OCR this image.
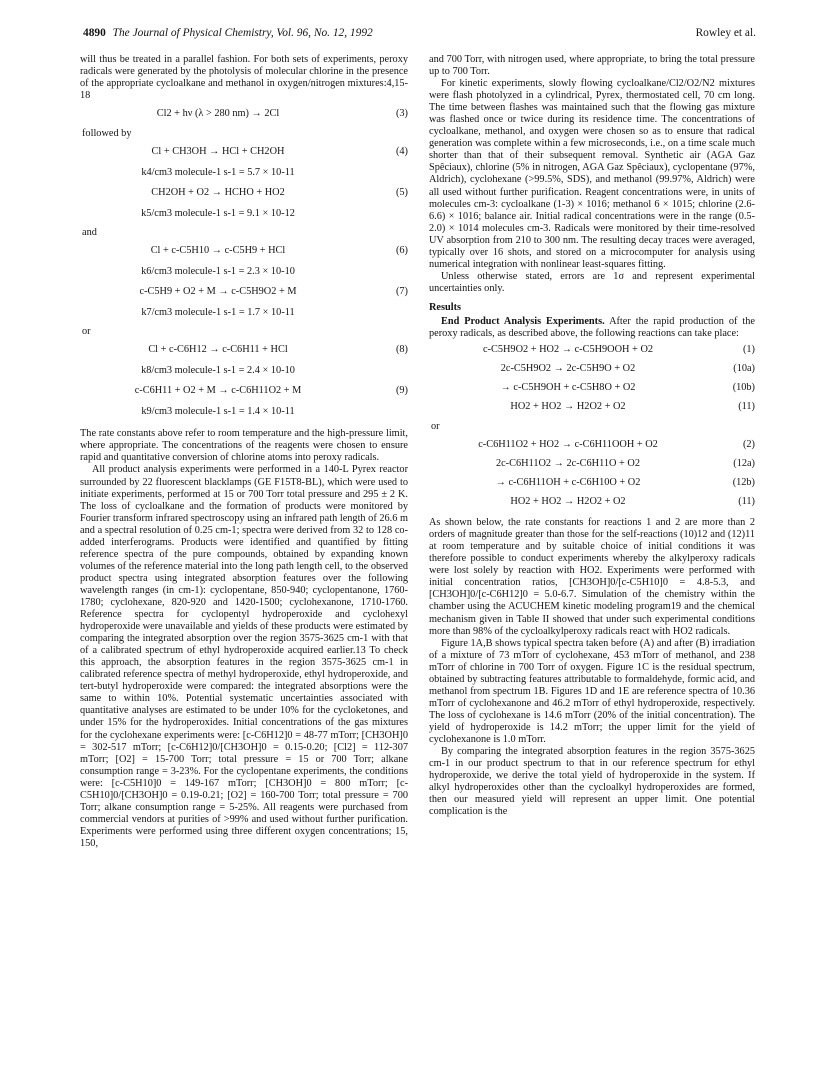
4890 The Journal of Physical Chemistry, Vol. 96, No. 12, 1992	Rowley et al.

will thus be treated in a parallel fashion. For both sets of experiments, peroxy radicals were generated by the photolysis of molecular chlorine in the presence of the appropriate cycloalkane and methanol in oxygen/nitrogen mixtures:4,15-18

Cl2 + hν (λ > 280 nm) → 2Cl	(3)
followed by
Cl + CH3OH → HCl + CH2OH	(4)
k4/cm3 molecule-1 s-1 = 5.7 × 10-11
CH2OH + O2 → HCHO + HO2	(5)
k5/cm3 molecule-1 s-1 = 9.1 × 10-12
and
Cl + c-C5H10 → c-C5H9 + HCl	(6)
k6/cm3 molecule-1 s-1 = 2.3 × 10-10
c-C5H9 + O2 + M → c-C5H9O2 + M	(7)
k7/cm3 molecule-1 s-1 = 1.7 × 10-11
or
Cl + c-C6H12 → c-C6H11 + HCl	(8)
k8/cm3 molecule-1 s-1 = 2.4 × 10-10
c-C6H11 + O2 + M → c-C6H11O2 + M	(9)
k9/cm3 molecule-1 s-1 = 1.4 × 10-11

The rate constants above refer to room temperature and the high-pressure limit, where appropriate. The concentrations of the reagents were chosen to ensure rapid and quantitative conversion of chlorine atoms into peroxy radicals.

All product analysis experiments were performed in a 140-L Pyrex reactor surrounded by 22 fluorescent blacklamps (GE F15T8-BL), which were used to initiate experiments, performed at 15 or 700 Torr total pressure and 295 ± 2 K. The loss of cycloalkane and the formation of products were monitored by Fourier transform infrared spectroscopy using an infrared path length of 26.6 m and a spectral resolution of 0.25 cm-1; spectra were derived from 32 to 128 co-added interferograms. Products were identified and quantified by fitting reference spectra of the pure compounds, obtained by expanding known volumes of the reference material into the long path length cell, to the observed product spectra using integrated absorption features over the following wavelength ranges (in cm-1): cyclopentane, 850-940; cyclopentanone, 1760-1780; cyclohexane, 820-920 and 1420-1500; cyclohexanone, 1710-1760. Reference spectra for cyclopentyl hydroperoxide and cyclohexyl hydroperoxide were unavailable and yields of these products were estimated by comparing the integrated absorption over the region 3575-3625 cm-1 with that of a calibrated spectrum of ethyl hydroperoxide acquired earlier.13 To check this approach, the absorption features in the region 3575-3625 cm-1 in calibrated reference spectra of methyl hydroperoxide, ethyl hydroperoxide, and tert-butyl hydroperoxide were compared: the integrated absorptions were the same to within 10%. Potential systematic uncertainties associated with quantitative analyses are estimated to be under 10% for the cycloketones, and under 15% for the hydroperoxides. Initial concentrations of the gas mixtures for the cyclohexane experiments were: [c-C6H12]0 = 48-77 mTorr; [CH3OH]0 = 302-517 mTorr; [c-C6H12]0/[CH3OH]0 = 0.15-0.20; [Cl2] = 112-307 mTorr; [O2] = 15-700 Torr; total pressure = 15 or 700 Torr; alkane consumption range = 3-23%. For the cyclopentane experiments, the conditions were: [c-C5H10]0 = 149-167 mTorr; [CH3OH]0 = 800 mTorr; [c-C5H10]0/[CH3OH]0 = 0.19-0.21; [O2] = 160-700 Torr; total pressure = 700 Torr; alkane consumption range = 5-25%. All reagents were purchased from commercial vendors at purities of >99% and used without further purification. Experiments were performed using three different oxygen concentrations; 15, 150,

and 700 Torr, with nitrogen used, where appropriate, to bring the total pressure up to 700 Torr.

For kinetic experiments, slowly flowing cycloalkane/Cl2/O2/N2 mixtures were flash photolyzed in a cylindrical, Pyrex, thermostated cell, 70 cm long. The time between flashes was maintained such that the flowing gas mixture was flashed once or twice during its residence time. The concentrations of cycloalkane, methanol, and oxygen were chosen so as to ensure that radical generation was complete within a few microseconds, i.e., on a time scale much shorter than that of their subsequent removal. Synthetic air (AGA Gaz Spêciaux), chlorine (5% in nitrogen, AGA Gaz Spêciaux), cyclopentane (97%, Aldrich), cyclohexane (>99.5%, SDS), and methanol (99.97%, Aldrich) were all used without further purification. Reagent concentrations were, in units of molecules cm-3: cycloalkane (1-3) × 1016; methanol 6 × 1015; chlorine (2.6-6.6) × 1016; balance air. Initial radical concentrations were in the range (0.5-2.0) × 1014 molecules cm-3. Radicals were monitored by their time-resolved UV absorption from 210 to 300 nm. The resulting decay traces were averaged, typically over 16 shots, and stored on a microcomputer for analysis using numerical integration with nonlinear least-squares fitting.

Unless otherwise stated, errors are 1σ and represent experimental uncertainties only.

Results

End Product Analysis Experiments. After the rapid production of the peroxy radicals, as described above, the following reactions can take place:

c-C5H9O2 + HO2 → c-C5H9OOH + O2	(1)
2c-C5H9O2 → 2c-C5H9O + O2	(10a)
→ c-C5H9OH + c-C5H8O + O2	(10b)
HO2 + HO2 → H2O2 + O2	(11)
or
c-C6H11O2 + HO2 → c-C6H11OOH + O2	(2)
2c-C6H11O2 → 2c-C6H11O + O2	(12a)
→ c-C6H11OH + c-C6H10O + O2	(12b)
HO2 + HO2 → H2O2 + O2	(11)

As shown below, the rate constants for reactions 1 and 2 are more than 2 orders of magnitude greater than those for the self-reactions (10)12 and (12)11 at room temperature and by suitable choice of initial conditions it was therefore possible to conduct experiments whereby the alkylperoxy radicals were lost solely by reaction with HO2. Experiments were performed with initial concentration ratios, [CH3OH]0/[c-C5H10]0 = 4.8-5.3, and [CH3OH]0/[c-C6H12]0 = 5.0-6.7. Simulation of the chemistry within the chamber using the ACUCHEM kinetic modeling program19 and the chemical mechanism given in Table II showed that under such experimental conditions more than 98% of the cycloalkylperoxy radicals react with HO2 radicals.

Figure 1A,B shows typical spectra taken before (A) and after (B) irradiation of a mixture of 73 mTorr of cyclohexane, 453 mTorr of methanol, and 238 mTorr of chlorine in 700 Torr of oxygen. Figure 1C is the residual spectrum, obtained by subtracting features attributable to formaldehyde, formic acid, and methanol from spectrum 1B. Figures 1D and 1E are reference spectra of 10.36 mTorr of cyclohexanone and 46.2 mTorr of ethyl hydroperoxide, respectively. The loss of cyclohexane is 14.6 mTorr (20% of the initial concentration). The yield of hydroperoxide is 14.2 mTorr; the upper limit for the yield of cyclohexanone is 1.0 mTorr.

By comparing the integrated absorption features in the region 3575-3625 cm-1 in our product spectrum to that in our reference spectrum for ethyl hydroperoxide, we derive the total yield of hydroperoxide in the system. If alkyl hydroperoxides other than the cycloalkyl hydroperoxides are formed, then our measured yield will represent an upper limit. One potential complication is the
